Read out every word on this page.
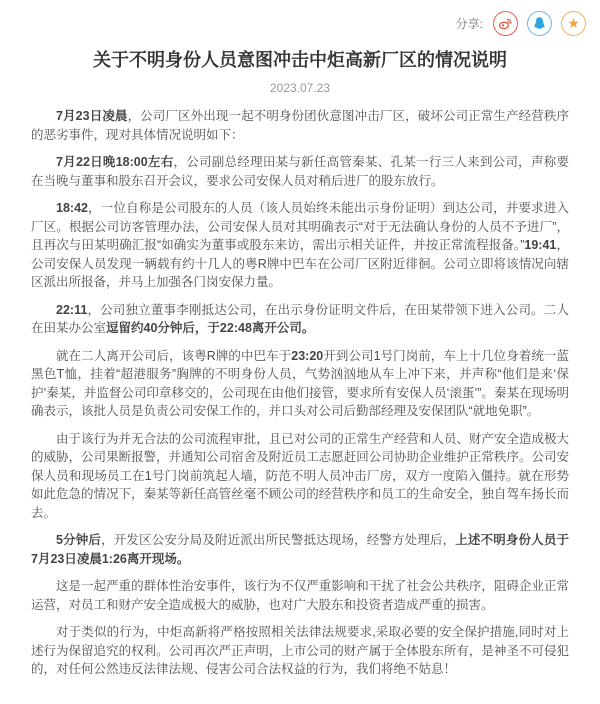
分享:	★
关于不明身份人员意图冲击中炬高新厂区的情况说明
2023.07.23

7月23日凌晨，公司厂区外出现一起不明身份团伙意图冲击厂区，破坏公司正常生产经营秩序的恶劣事件，现对具体情况说明如下：

7月22日晚18:00左右，公司副总经理田某与新任高管秦某、孔某一行三人来到公司，声称要在当晚与董事和股东召开会议，要求公司安保人员对稍后进厂的股东放行。

18:42，一位自称是公司股东的人员（该人员始终未能出示身份证明）到达公司，并要求进入厂区。根据公司访客管理办法，公司安保人员对其明确表示“对于无法确认身份的人员不予进厂”，且再次与田某明确汇报“如确实为董事或股东来访，需出示相关证件，并按正常流程报备。”19:41，公司安保人员发现一辆载有约十几人的粤R牌中巴车在公司厂区附近徘徊。公司立即将该情况向辖区派出所报备，并马上加强各门岗安保力量。

22:11，公司独立董事李刚抵达公司，在出示身份证明文件后，在田某带领下进入公司。二人在田某办公室逗留约40分钟后，于22:48离开公司。

就在二人离开公司后，该粤R牌的中巴车于23:20开到公司1号门岗前，车上十几位身着统一蓝黑色T恤，挂着“超港服务”胸牌的不明身份人员，气势汹汹地从车上冲下来，并声称“他们是来‘保护’秦某，并监督公司印章移交的，公司现在由他们接管，要求所有安保人员‘滚蛋’”。秦某在现场明确表示，该批人员是负责公司安保工作的，并口头对公司后勤部经理及安保团队“就地免职”。

由于该行为并无合法的公司流程审批，且已对公司的正常生产经营和人员、财产安全造成极大的威胁，公司果断报警，并通知公司宿舍及附近员工志愿赶回公司协助企业维护正常秩序。公司安保人员和现场员工在1号门岗前筑起人墙，防范不明人员冲击厂房，双方一度陷入僵持。就在形势如此危急的情况下，秦某等新任高管丝毫不顾公司的经营秩序和员工的生命安全，独自驾车扬长而去。

5分钟后，开发区公安分局及附近派出所民警抵达现场，经警方处理后，上述不明身份人员于7月23日凌晨1:26离开现场。

这是一起严重的群体性治安事件，该行为不仅严重影响和干扰了社会公共秩序，阻碍企业正常运营，对员工和财产安全造成极大的威胁，也对广大股东和投资者造成严重的损害。

对于类似的行为，中炬高新将严格按照相关法律法规要求,采取必要的安全保护措施,同时对上述行为保留追究的权利。公司再次严正声明，上市公司的财产属于全体股东所有，是神圣不可侵犯的，对任何公然违反法律法规、侵害公司合法权益的行为，我们将绝不姑息！
